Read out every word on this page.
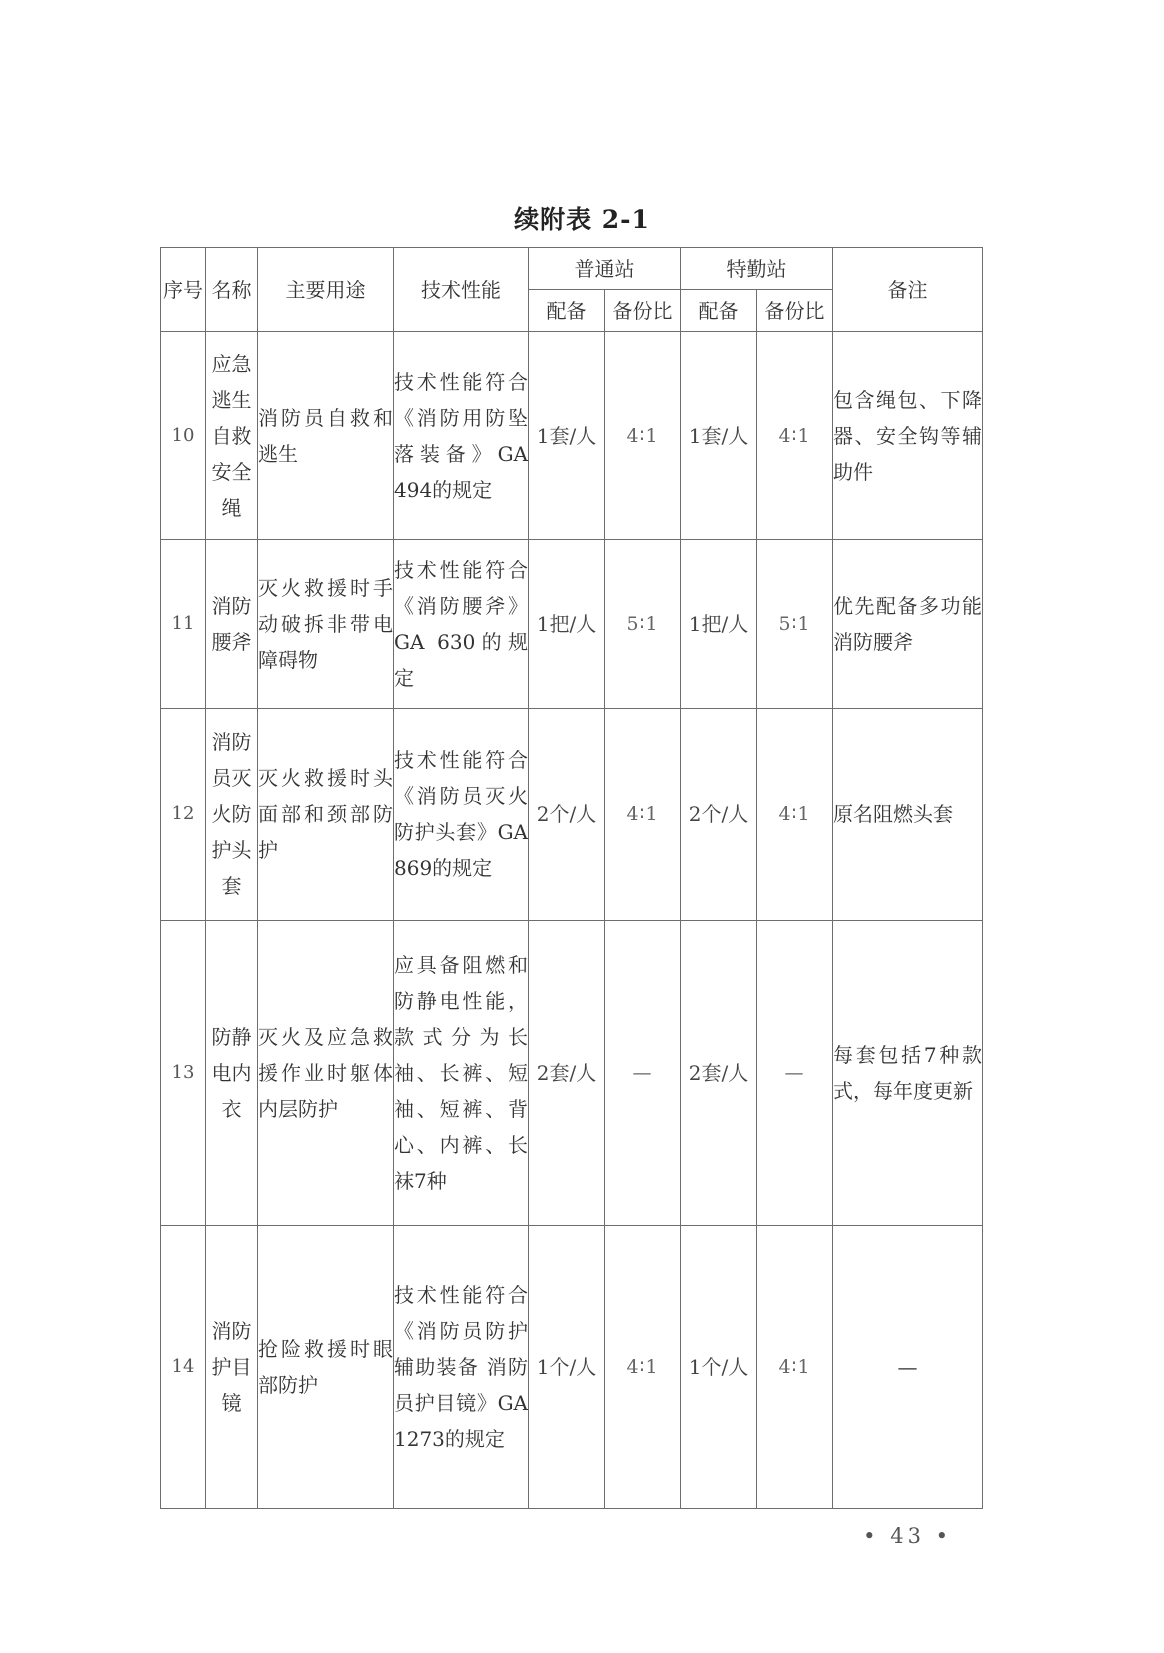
续附表 2-1
序号	名称	主要用途	技术性能	普通站		特勤站		备注
				配备	备份比	配备	备份比	
10	应急
逃生
自救
安全
绳	消防员自救和逃生	技术性能符合《消防用防坠落装备》GA 494的规定	1套/人	4∶1	1套/人	4∶1	包含绳包、下降器、安全钩等辅助件
11	消防
腰斧	灭火救援时手动破拆非带电障碍物	技术性能符合《消防腰斧》GA 630的规定	1把/人	5∶1	1把/人	5∶1	优先配备多功能消防腰斧
12	消防
员灭
火防
护头
套	灭火救援时头面部和颈部防护	技术性能符合《消防员灭火防护头套》GA 869的规定	2个/人	4∶1	2个/人	4∶1	原名阻燃头套
13	防静
电内
衣	灭火及应急救援作业时躯体内层防护	应具备阻燃和防静电性能，款式分为长袖、长裤、短袖、短裤、背心、内裤、长袜7种	2套/人	—	2套/人	—	每套包括7种款式，每年度更新
14	消防
护目
镜	抢险救援时眼部防护	技术性能符合《消防员防护辅助装备 消防员护目镜》GA 1273的规定	1个/人	4∶1	1个/人	4∶1	—
• 43 •
